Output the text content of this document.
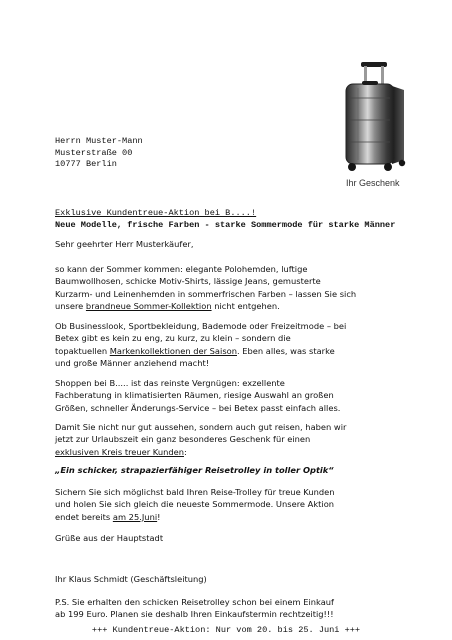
Ihr Geschenk
Herrn Muster-Mann
Musterstraße 00
10777 Berlin
Exklusive Kundentreue-Aktion bei B....!
Neue Modelle, frische Farben - starke Sommermode für starke Männer
Sehr geehrter Herr Musterkäufer,
so kann der Sommer kommen: elegante Polohemden, luftige
Baumwollhosen, schicke Motiv-Shirts, lässige Jeans, gemusterte
Kurzarm- und Leinenhemden in sommerfrischen Farben – lassen Sie sich
unsere brandneue Sommer-Kollektion nicht entgehen.
Ob Businesslook, Sportbekleidung, Bademode oder Freizeitmode – bei
Betex gibt es kein zu eng, zu kurz, zu klein – sondern die
topaktuellen Markenkollektionen der Saison. Eben alles, was starke
und große Männer anziehend macht!
Shoppen bei B..... ist das reinste Vergnügen: exzellente
Fachberatung in klimatisierten Räumen, riesige Auswahl an großen
Größen, schneller Änderungs-Service – bei Betex passt einfach alles.
Damit Sie nicht nur gut aussehen, sondern auch gut reisen, haben wir
jetzt zur Urlaubszeit ein ganz besonderes Geschenk für einen
exklusiven Kreis treuer Kunden:
„Ein schicker, strapazierfähiger Reisetrolley in toller Optik“
Sichern Sie sich möglichst bald Ihren Reise-Trolley für treue Kunden
und holen Sie sich gleich die neueste Sommermode. Unsere Aktion
endet bereits am 25.Juni!
Grüße aus der Hauptstadt
Ihr Klaus Schmidt (Geschäftsleitung)
P.S. Sie erhalten den schicken Reisetrolley schon bei einem Einkauf
ab 199 Euro. Planen sie deshalb Ihren Einkaufstermin rechtzeitig!!!
+++ Kundentreue-Aktion: Nur vom 20. bis 25. Juni +++
